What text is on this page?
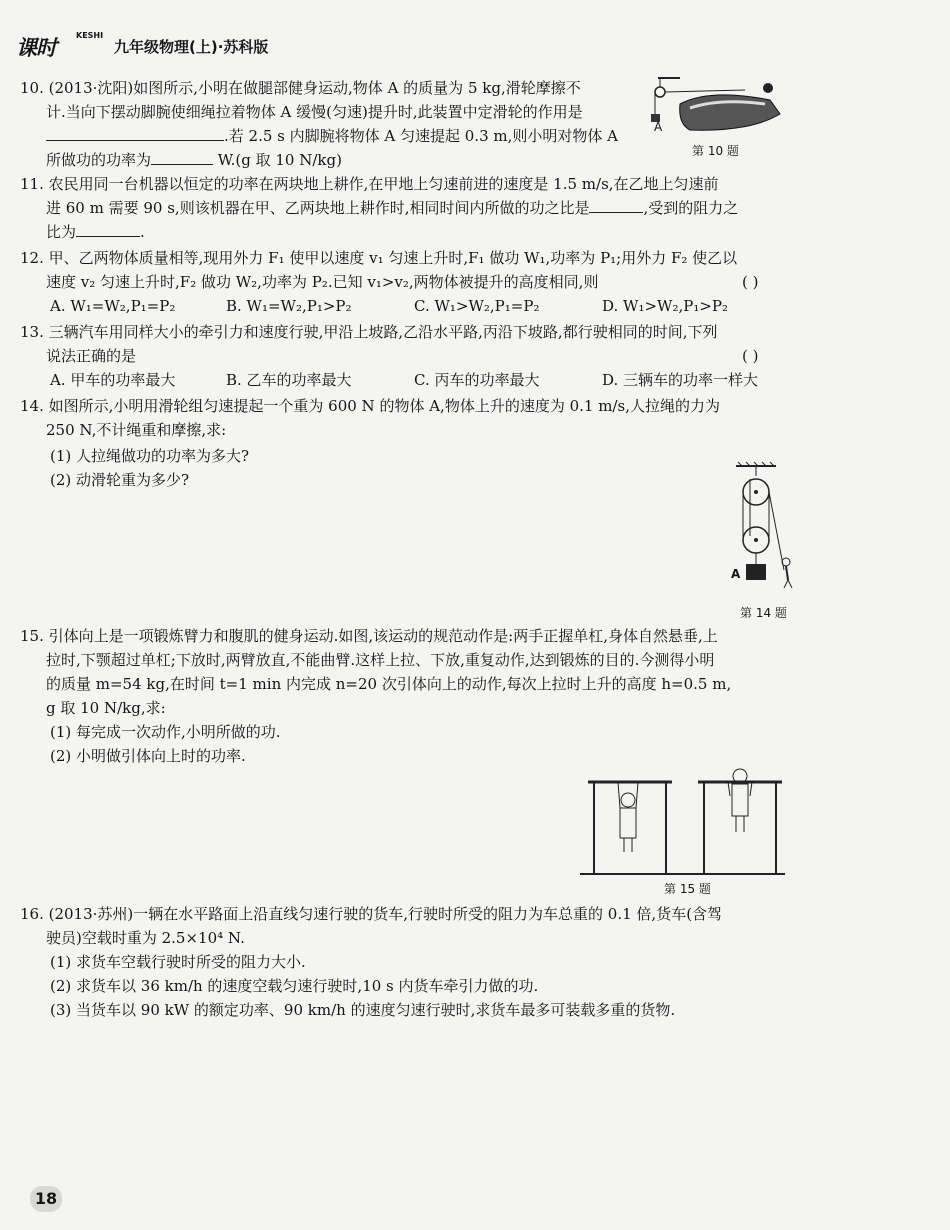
课时
KESHI
九年级物理(上)·苏科版
10. (2013·沈阳)如图所示,小明在做腿部健身运动,物体 A 的质量为 5 kg,滑轮摩擦不
计.当向下摆动脚腕使细绳拉着物体 A 缓慢(匀速)提升时,此装置中定滑轮的作用是
.若 2.5 s 内脚腕将物体 A 匀速提起 0.3 m,则小明对物体 A
所做功的功率为	W.(g 取 10 N/kg)
A
第 10 题
11. 农民用同一台机器以恒定的功率在两块地上耕作,在甲地上匀速前进的速度是 1.5 m/s,在乙地上匀速前
进 60 m 需要 90 s,则该机器在甲、乙两块地上耕作时,相同时间内所做的功之比是	,受到的阻力之
比为	.
12. 甲、乙两物体质量相等,现用外力 F₁ 使甲以速度 v₁ 匀速上升时,F₁ 做功 W₁,功率为 P₁;用外力 F₂ 使乙以
速度 v₂ 匀速上升时,F₂ 做功 W₂,功率为 P₂.已知 v₁>v₂,两物体被提升的高度相同,则	( )
A. W₁=W₂,P₁=P₂	B. W₁=W₂,P₁>P₂	C. W₁>W₂,P₁=P₂	D. W₁>W₂,P₁>P₂
13. 三辆汽车用同样大小的牵引力和速度行驶,甲沿上坡路,乙沿水平路,丙沿下坡路,都行驶相同的时间,下列
说法正确的是	( )
A. 甲车的功率最大	B. 乙车的功率最大	C. 丙车的功率最大	D. 三辆车的功率一样大
14. 如图所示,小明用滑轮组匀速提起一个重为 600 N 的物体 A,物体上升的速度为 0.1 m/s,人拉绳的力为
250 N,不计绳重和摩擦,求:
(1) 人拉绳做功的功率为多大?
(2) 动滑轮重为多少?
A
第 14 题
15. 引体向上是一项锻炼臂力和腹肌的健身运动.如图,该运动的规范动作是:两手正握单杠,身体自然悬垂,上
拉时,下颚超过单杠;下放时,两臂放直,不能曲臂.这样上拉、下放,重复动作,达到锻炼的目的.今测得小明
的质量 m=54 kg,在时间 t=1 min 内完成 n=20 次引体向上的动作,每次上拉时上升的高度 h=0.5 m,
g 取 10 N/kg,求:
(1) 每完成一次动作,小明所做的功.
(2) 小明做引体向上时的功率.
第 15 题
16. (2013·苏州)一辆在水平路面上沿直线匀速行驶的货车,行驶时所受的阻力为车总重的 0.1 倍,货车(含驾
驶员)空载时重为 2.5×10⁴ N.
(1) 求货车空载行驶时所受的阻力大小.
(2) 求货车以 36 km/h 的速度空载匀速行驶时,10 s 内货车牵引力做的功.
(3) 当货车以 90 kW 的额定功率、90 km/h 的速度匀速行驶时,求货车最多可装载多重的货物.
18
